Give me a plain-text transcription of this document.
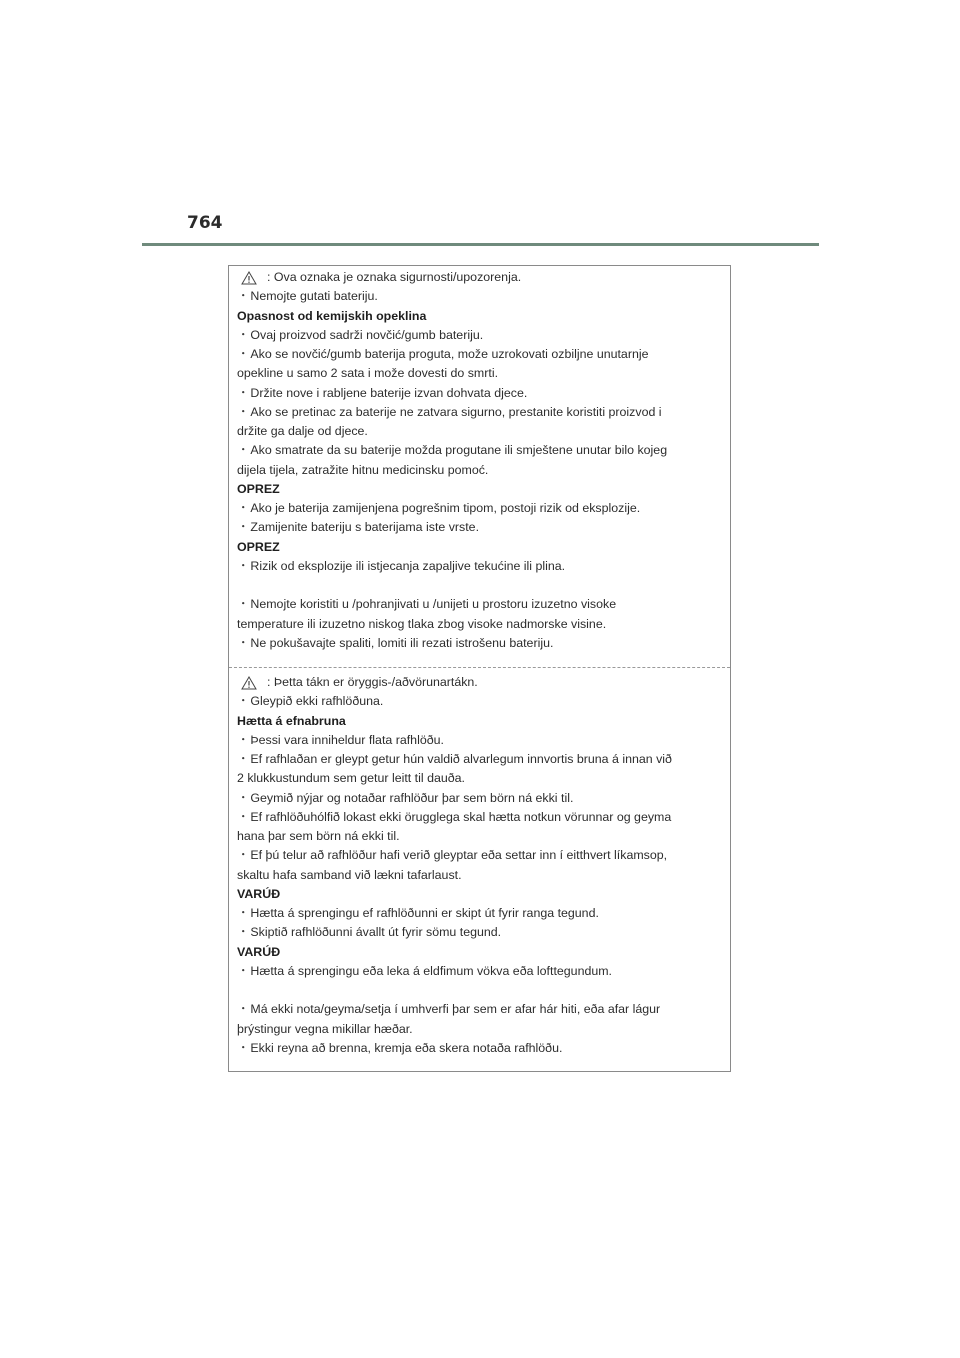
764
: Ova oznaka je oznaka sigurnosti/upozorenja.
・Nemojte gutati bateriju.
Opasnost od kemijskih opeklina
・Ovaj proizvod sadrži novčić/gumb bateriju.
・Ako se novčić/gumb baterija proguta, može uzrokovati ozbiljne unutarnje
opekline u samo 2 sata i može dovesti do smrti.
・Držite nove i rabljene baterije izvan dohvata djece.
・Ako se pretinac za baterije ne zatvara sigurno, prestanite koristiti proizvod i
držite ga dalje od djece.
・Ako smatrate da su baterije možda progutane ili smještene unutar bilo kojeg
dijela tijela, zatražite hitnu medicinsku pomoć.
OPREZ
・Ako je baterija zamijenjena pogrešnim tipom, postoji rizik od eksplozije.
・Zamijenite bateriju s baterijama iste vrste.
OPREZ
・Rizik od eksplozije ili istjecanja zapaljive tekućine ili plina.
・Nemojte koristiti u /pohranjivati u /unijeti u prostoru izuzetno visoke
temperature ili izuzetno niskog tlaka zbog visoke nadmorske visine.
・Ne pokušavajte spaliti, lomiti ili rezati istrošenu bateriju.
: Þetta tákn er öryggis-/aðvörunartákn.
・Gleypið ekki rafhlöðuna.
Hætta á efnabruna
・Þessi vara inniheldur flata rafhlöðu.
・Ef rafhlaðan er gleypt getur hún valdið alvarlegum innvortis bruna á innan við
2 klukkustundum sem getur leitt til dauða.
・Geymið nýjar og notaðar rafhlöður þar sem börn ná ekki til.
・Ef rafhlöðuhólfið lokast ekki örugglega skal hætta notkun vörunnar og geyma
hana þar sem börn ná ekki til.
・Ef þú telur að rafhlöður hafi verið gleyptar eða settar inn í eitthvert líkamsop,
skaltu hafa samband við lækni tafarlaust.
VARÚÐ
・Hætta á sprengingu ef rafhlöðunni er skipt út fyrir ranga tegund.
・Skiptið rafhlöðunni ávallt út fyrir sömu tegund.
VARÚÐ
・Hætta á sprengingu eða leka á eldfimum vökva eða lofttegundum.
・Má ekki nota/geyma/setja í umhverfi þar sem er afar hár hiti, eða afar lágur
þrýstingur vegna mikillar hæðar.
・Ekki reyna að brenna, kremja eða skera notaða rafhlöðu.
